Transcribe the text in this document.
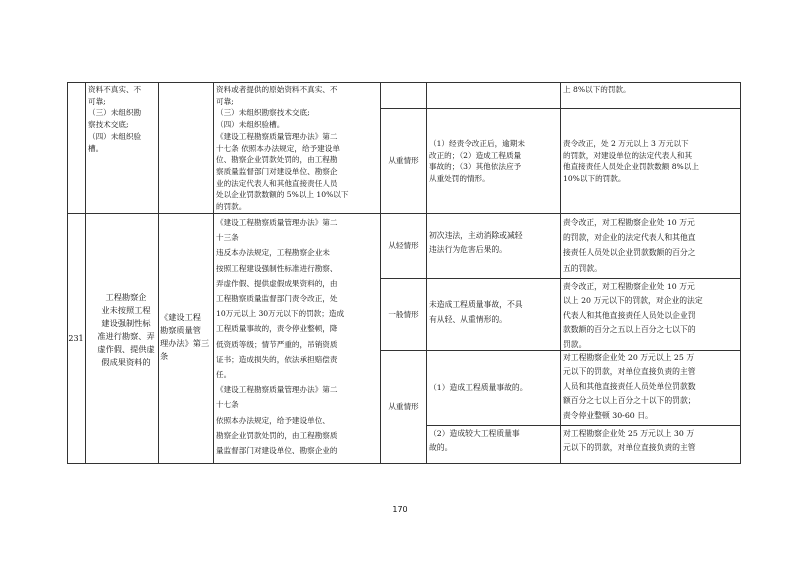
资料不真实、不
可靠;
（三）未组织勘
察技术交底;
（四）未组织验
槽。
资料或者提供的原始资料不真实、不
可靠;
（三）未组织勘察技术交底;
（四）未组织验槽。
《建设工程勘察质量管理办法》第二
十七条 依照本办法规定，给予建设单
位、勘察企业罚款处罚的，由工程勘
察质量监督部门对建设单位、勘察企
业的法定代表人和其他直接责任人员
处以企业罚款数额的 5%以上 10%以下
的罚款。
上 8%以下的罚款。
从重情形
（1）经责令改正后，逾期未
改正的；（2）造成工程质量
事故的；（3）其他依法应予
从重处罚的情形。
责令改正，处 2 万元以上 3 万元以下
的罚款，对建设单位的法定代表人和其
他直接责任人员处企业罚款数额 8%以上
10%以下的罚款。
231
工程勘察企
业未按照工程
建设强制性标
准进行勘察、弄
虚作假、提供虚
假成果资料的
《建设工程
勘察质量管
理办法》第三
条
《建设工程勘察质量管理办法》第二
十三条
违反本办法规定，工程勘察企业未
按照工程建设强制性标准进行勘察、
弄虚作假、提供虚假成果资料的，由
工程勘察质量监督部门责令改正，处
10万元以上 30万元以下的罚款；造成
工程质量事故的，责令停业整顿，降
低资质等级；情节严重的，吊销资质
证书；造成损失的，依法承担赔偿责
任。
《建设工程勘察质量管理办法》第二
十七条
依照本办法规定，给予建设单位、
勘察企业罚款处罚的，由工程勘察质
量监督部门对建设单位、勘察企业的
从轻情形
初次违法，主动消除或减轻
违法行为危害后果的。
责令改正，对工程勘察企业处 10 万元
的罚款，对企业的法定代表人和其他直
接责任人员处以企业罚款数额的百分之
五的罚款。
一般情形
未造成工程质量事故，不具
有从轻、从重情形的。
责令改正，对工程勘察企业处 10 万元
以上 20 万元以下的罚款，对企业的法定
代表人和其他直接责任人员处以企业罚
款数额的百分之五以上百分之七以下的
罚款。
从重情形
（1）造成工程质量事故的。
对工程勘察企业处 20 万元以上 25 万
元以下的罚款，对单位直接负责的主管
人员和其他直接责任人员处单位罚款数
额百分之七以上百分之十以下的罚款；
责令停业整顿 30-60 日。
（2）造成较大工程质量事
故的。
对工程勘察企业处 25 万元以上 30 万
元以下的罚款，对单位直接负责的主管
170
